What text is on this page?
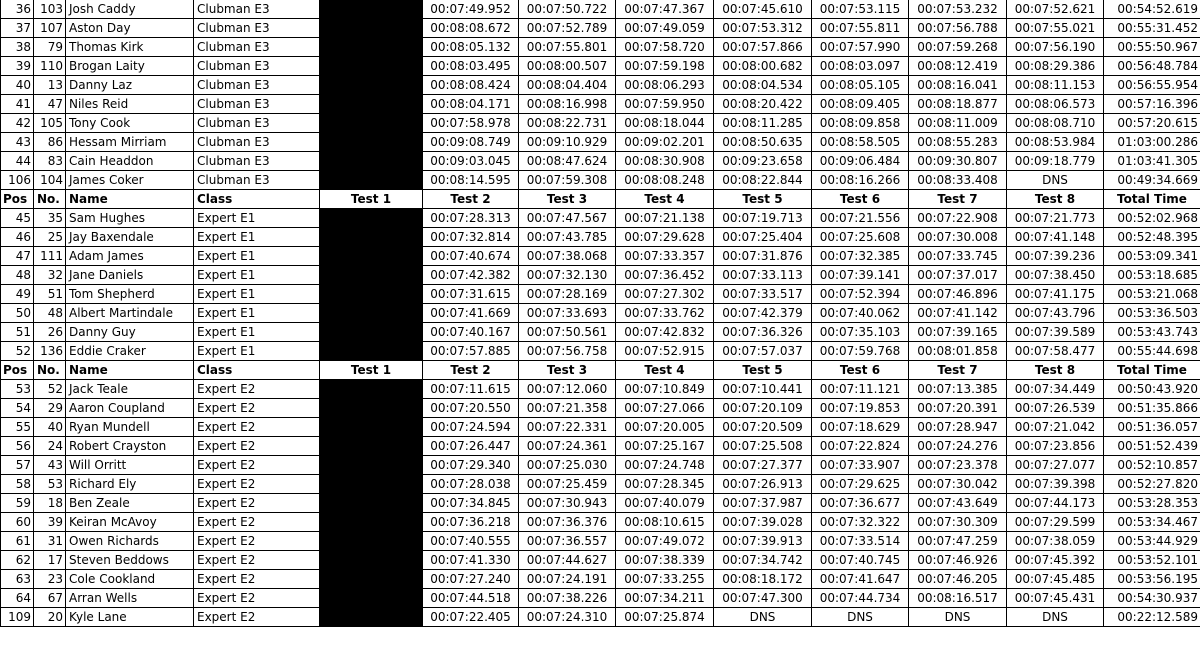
36	103	Josh Caddy	Clubman E3		00:07:49.952	00:07:50.722	00:07:47.367	00:07:45.610	00:07:53.115	00:07:53.232	00:07:52.621	00:54:52.619
37	107	Aston Day	Clubman E3		00:08:08.672	00:07:52.789	00:07:49.059	00:07:53.312	00:07:55.811	00:07:56.788	00:07:55.021	00:55:31.452
38	79	Thomas Kirk	Clubman E3		00:08:05.132	00:07:55.801	00:07:58.720	00:07:57.866	00:07:57.990	00:07:59.268	00:07:56.190	00:55:50.967
39	110	Brogan Laity	Clubman E3		00:08:03.495	00:08:00.507	00:07:59.198	00:08:00.682	00:08:03.097	00:08:12.419	00:08:29.386	00:56:48.784
40	13	Danny Laz	Clubman E3		00:08:08.424	00:08:04.404	00:08:06.293	00:08:04.534	00:08:05.105	00:08:16.041	00:08:11.153	00:56:55.954
41	47	Niles Reid	Clubman E3		00:08:04.171	00:08:16.998	00:07:59.950	00:08:20.422	00:08:09.405	00:08:18.877	00:08:06.573	00:57:16.396
42	105	Tony Cook	Clubman E3		00:07:58.978	00:08:22.731	00:08:18.044	00:08:11.285	00:08:09.858	00:08:11.009	00:08:08.710	00:57:20.615
43	86	Hessam Mirriam	Clubman E3		00:09:08.749	00:09:10.929	00:09:02.201	00:08:50.635	00:08:58.505	00:08:55.283	00:08:53.984	01:03:00.286
44	83	Cain Headdon	Clubman E3		00:09:03.045	00:08:47.624	00:08:30.908	00:09:23.658	00:09:06.484	00:09:30.807	00:09:18.779	01:03:41.305
106	104	James Coker	Clubman E3		00:08:14.595	00:07:59.308	00:08:08.248	00:08:22.844	00:08:16.266	00:08:33.408	DNS	00:49:34.669
Pos	No.	Name	Class	Test 1	Test 2	Test 3	Test 4	Test 5	Test 6	Test 7	Test 8	Total Time
45	35	Sam Hughes	Expert E1		00:07:28.313	00:07:47.567	00:07:21.138	00:07:19.713	00:07:21.556	00:07:22.908	00:07:21.773	00:52:02.968
46	25	Jay Baxendale	Expert E1		00:07:32.814	00:07:43.785	00:07:29.628	00:07:25.404	00:07:25.608	00:07:30.008	00:07:41.148	00:52:48.395
47	111	Adam James	Expert E1		00:07:40.674	00:07:38.068	00:07:33.357	00:07:31.876	00:07:32.385	00:07:33.745	00:07:39.236	00:53:09.341
48	32	Jane Daniels	Expert E1		00:07:42.382	00:07:32.130	00:07:36.452	00:07:33.113	00:07:39.141	00:07:37.017	00:07:38.450	00:53:18.685
49	51	Tom Shepherd	Expert E1		00:07:31.615	00:07:28.169	00:07:27.302	00:07:33.517	00:07:52.394	00:07:46.896	00:07:41.175	00:53:21.068
50	48	Albert Martindale	Expert E1		00:07:41.669	00:07:33.693	00:07:33.762	00:07:42.379	00:07:40.062	00:07:41.142	00:07:43.796	00:53:36.503
51	26	Danny Guy	Expert E1		00:07:40.167	00:07:50.561	00:07:42.832	00:07:36.326	00:07:35.103	00:07:39.165	00:07:39.589	00:53:43.743
52	136	Eddie Craker	Expert E1		00:07:57.885	00:07:56.758	00:07:52.915	00:07:57.037	00:07:59.768	00:08:01.858	00:07:58.477	00:55:44.698
Pos	No.	Name	Class	Test 1	Test 2	Test 3	Test 4	Test 5	Test 6	Test 7	Test 8	Total Time
53	52	Jack Teale	Expert E2		00:07:11.615	00:07:12.060	00:07:10.849	00:07:10.441	00:07:11.121	00:07:13.385	00:07:34.449	00:50:43.920
54	29	Aaron Coupland	Expert E2		00:07:20.550	00:07:21.358	00:07:27.066	00:07:20.109	00:07:19.853	00:07:20.391	00:07:26.539	00:51:35.866
55	40	Ryan Mundell	Expert E2		00:07:24.594	00:07:22.331	00:07:20.005	00:07:20.509	00:07:18.629	00:07:28.947	00:07:21.042	00:51:36.057
56	24	Robert Crayston	Expert E2		00:07:26.447	00:07:24.361	00:07:25.167	00:07:25.508	00:07:22.824	00:07:24.276	00:07:23.856	00:51:52.439
57	43	Will Orritt	Expert E2		00:07:29.340	00:07:25.030	00:07:24.748	00:07:27.377	00:07:33.907	00:07:23.378	00:07:27.077	00:52:10.857
58	53	Richard Ely	Expert E2		00:07:28.038	00:07:25.459	00:07:28.345	00:07:26.913	00:07:29.625	00:07:30.042	00:07:39.398	00:52:27.820
59	18	Ben Zeale	Expert E2		00:07:34.845	00:07:30.943	00:07:40.079	00:07:37.987	00:07:36.677	00:07:43.649	00:07:44.173	00:53:28.353
60	39	Keiran McAvoy	Expert E2		00:07:36.218	00:07:36.376	00:08:10.615	00:07:39.028	00:07:32.322	00:07:30.309	00:07:29.599	00:53:34.467
61	31	Owen Richards	Expert E2		00:07:40.555	00:07:36.557	00:07:49.072	00:07:39.913	00:07:33.514	00:07:47.259	00:07:38.059	00:53:44.929
62	17	Steven Beddows	Expert E2		00:07:41.330	00:07:44.627	00:07:38.339	00:07:34.742	00:07:40.745	00:07:46.926	00:07:45.392	00:53:52.101
63	23	Cole Cookland	Expert E2		00:07:27.240	00:07:24.191	00:07:33.255	00:08:18.172	00:07:41.647	00:07:46.205	00:07:45.485	00:53:56.195
64	67	Arran Wells	Expert E2		00:07:44.518	00:07:38.226	00:07:34.211	00:07:47.300	00:07:44.734	00:08:16.517	00:07:45.431	00:54:30.937
109	20	Kyle Lane	Expert E2		00:07:22.405	00:07:24.310	00:07:25.874	DNS	DNS	DNS	DNS	00:22:12.589
